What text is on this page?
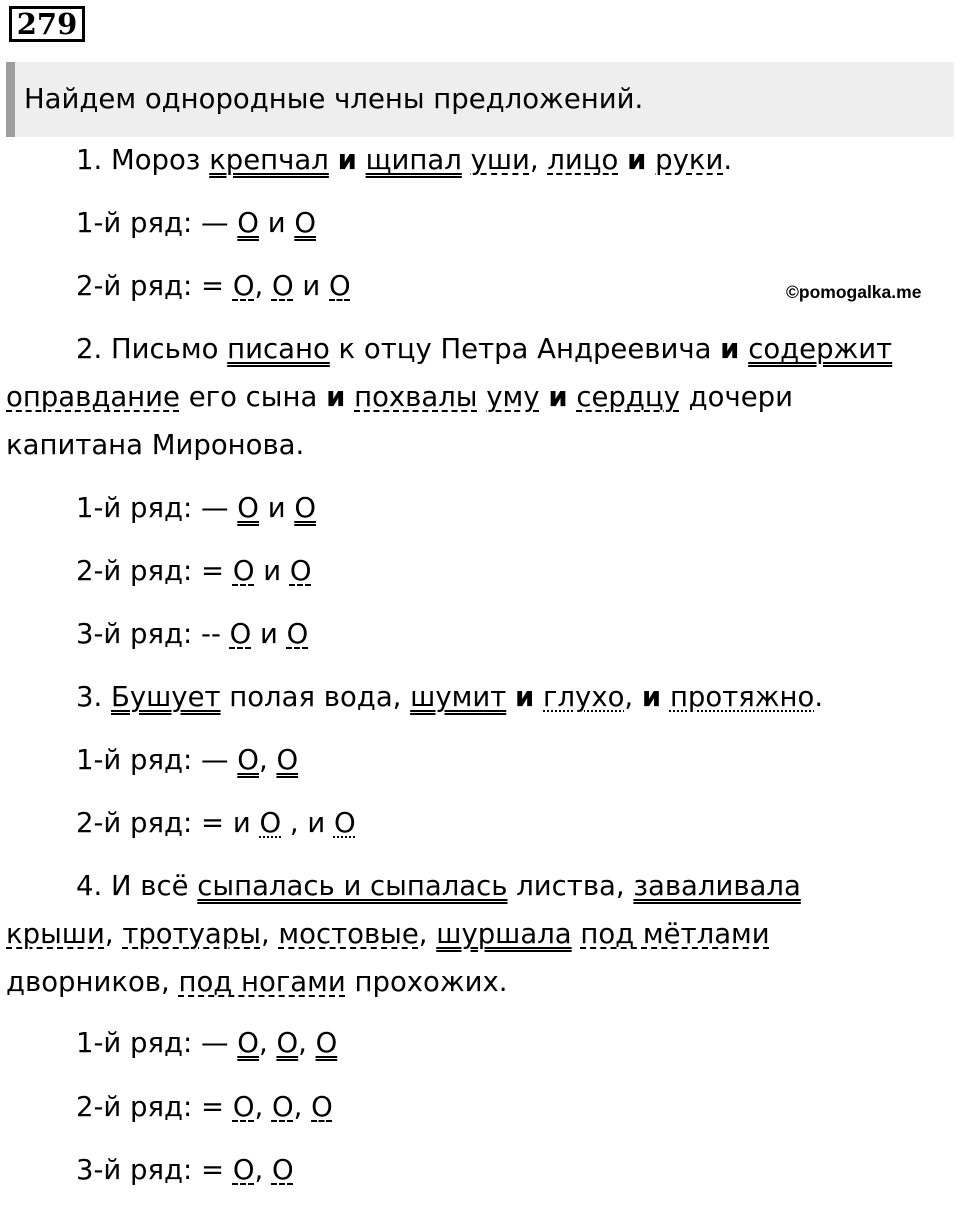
279
Найдем однородные члены предложений.
©pomogalka.me
1. Мороз крепчал и щипал уши, лицо и руки.
1-й ряд: — О и О
2-й ряд: = О, О и О
2. Письмо писано к отцу Петра Андреевича и содержит
оправдание его сына и похвалы уму и сердцу дочери
капитана Миронова.
1-й ряд: — О и О
2-й ряд: = О и О
3-й ряд: -- О и О
3. Бушует полая вода, шумит и глухо, и протяжно.
1-й ряд: — О, О
2-й ряд: = и О , и О
4. И всё сыпалась и сыпалась листва, заваливала
крыши, тротуары, мостовые, шуршала под мётлами
дворников, под ногами прохожих.
1-й ряд: — О, О, О
2-й ряд: = О, О, О
3-й ряд: = О, О
